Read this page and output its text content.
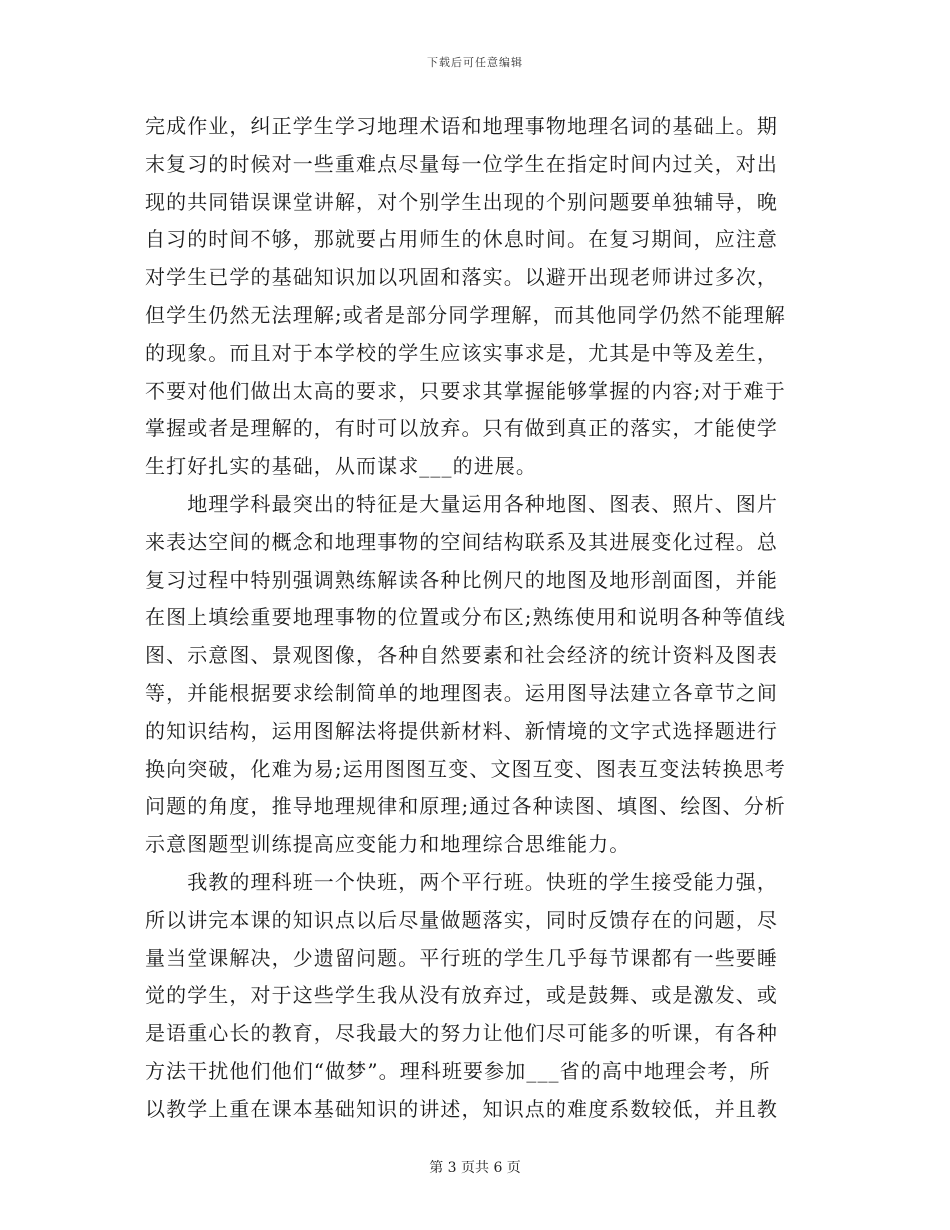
下载后可任意编辑
完成作业，纠正学生学习地理术语和地理事物地理名词的基础上。期
末复习的时候对一些重难点尽量每一位学生在指定时间内过关，对出
现的共同错误课堂讲解，对个别学生出现的个别问题要单独辅导，晚
自习的时间不够，那就要占用师生的休息时间。在复习期间，应注意
对学生已学的基础知识加以巩固和落实。以避开出现老师讲过多次，
但学生仍然无法理解;或者是部分同学理解，而其他同学仍然不能理解
的现象。而且对于本学校的学生应该实事求是，尤其是中等及差生，
不要对他们做出太高的要求，只要求其掌握能够掌握的内容;对于难于
掌握或者是理解的，有时可以放弃。只有做到真正的落实，才能使学
生打好扎实的基础，从而谋求___的进展。
　　地理学科最突出的特征是大量运用各种地图、图表、照片、图片
来表达空间的概念和地理事物的空间结构联系及其进展变化过程。总
复习过程中特别强调熟练解读各种比例尺的地图及地形剖面图，并能
在图上填绘重要地理事物的位置或分布区;熟练使用和说明各种等值线
图、示意图、景观图像，各种自然要素和社会经济的统计资料及图表
等，并能根据要求绘制简单的地理图表。运用图导法建立各章节之间
的知识结构，运用图解法将提供新材料、新情境的文字式选择题进行
换向突破，化难为易;运用图图互变、文图互变、图表互变法转换思考
问题的角度，推导地理规律和原理;通过各种读图、填图、绘图、分析
示意图题型训练提高应变能力和地理综合思维能力。
　　我教的理科班一个快班，两个平行班。快班的学生接受能力强，
所以讲完本课的知识点以后尽量做题落实，同时反馈存在的问题，尽
量当堂课解决，少遗留问题。平行班的学生几乎每节课都有一些要睡
觉的学生，对于这些学生我从没有放弃过，或是鼓舞、或是激发、或
是语重心长的教育，尽我最大的努力让他们尽可能多的听课，有各种
方法干扰他们他们“做梦”。理科班要参加___省的高中地理会考，所
以教学上重在课本基础知识的讲述，知识点的难度系数较低，并且教
第 3 页共 6 页
